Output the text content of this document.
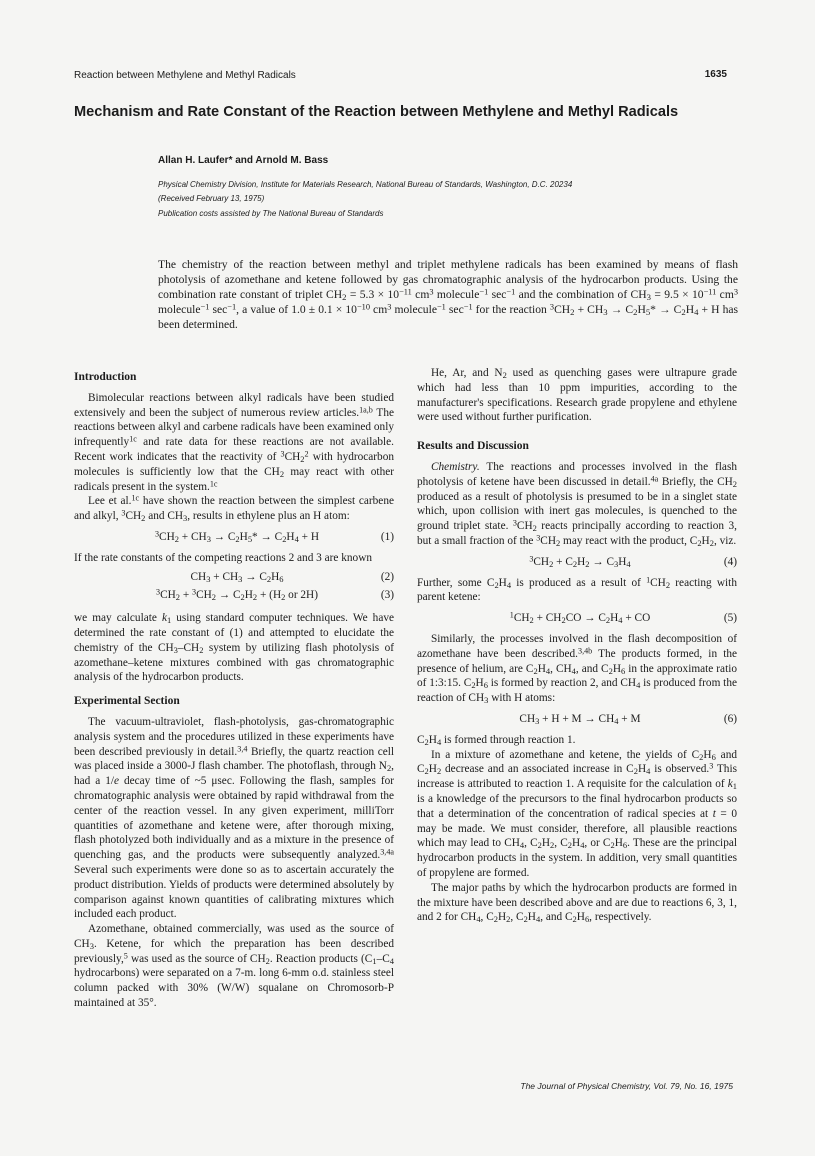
Reaction between Methylene and Methyl Radicals	1635
Mechanism and Rate Constant of the Reaction between Methylene and Methyl Radicals
Allan H. Laufer* and Arnold M. Bass
Physical Chemistry Division, Institute for Materials Research, National Bureau of Standards, Washington, D.C. 20234 (Received February 13, 1975)
Publication costs assisted by The National Bureau of Standards
The chemistry of the reaction between methyl and triplet methylene radicals has been examined by means of flash photolysis of azomethane and ketene followed by gas chromatographic analysis of the hydrocarbon products. Using the combination rate constant of triplet $CH_2 = 5.3 \times 10^{-11}$ $cm^3$ molecule$^{-1}$ $\sec^{-1}$ and the combination of $CH_3 = 9.5 \times 10^{-11}$ $cm^3$ molecule$^{-1}$ $\sec^{-1}$, a value of $1.0 \pm 0.1 \times 10^{-10}$ $cm^3$ molecule$^{-1}$ $\sec^{-1}$ for the reaction $^3CH_2 + CH_3 \to C_2H_5* \to C_2H_4 + H$ has been determined.
Introduction

Bimolecular reactions between alkyl radicals have been studied extensively and been the subject of numerous review articles.$^{1a,b}$ The reactions between alkyl and carbene radicals have been examined only infrequently$^{1c}$ and rate data for these reactions are not available. Recent work indicates that the reactivity of $^3CH_2^2$ with hydrocarbon molecules is sufficiently low that the $CH_2$ may react with other radicals present in the system.$^{1c}$

Lee et al.$^{1c}$ have shown the reaction between the simplest carbene and alkyl, $^3CH_2$ and $CH_3$, results in ethylene plus an H atom:

$^3CH_2 + CH_3 \to C_2H_5* \to C_2H_4 + H$	(1)

If the rate constants of the competing reactions 2 and 3 are known

$CH_3 + CH_3 \to C_2H_6$	(2)
$^3CH_2 + ^3CH_2 \to C_2H_2 + (H_2$ or 2H)	(3)

we may calculate $k_1$ using standard computer techniques. We have determined the rate constant of (1) and attempted to elucidate the chemistry of the $CH_3-CH_2$ system by utilizing flash photolysis of azomethane–ketene mixtures combined with gas chromatographic analysis of the hydrocarbon products.

Experimental Section

The vacuum-ultraviolet, flash-photolysis, gas-chromatographic analysis system and the procedures utilized in these experiments have been described previously in detail.$^{3,4}$ Briefly, the quartz reaction cell was placed inside a 3000-J flash chamber. The photoflash, through $N_2$, had a 1/e decay time of ~5 μsec. Following the flash, samples for chromatographic analysis were obtained by rapid withdrawal from the center of the reaction vessel. In any given experiment, milliTorr quantities of azomethane and ketene were, after thorough mixing, flash photolyzed both individually and as a mixture in the presence of quenching gas, and the products were subsequently analyzed.$^{3,4a}$ Several such experiments were done so as to ascertain accurately the product distribution. Yields of products were determined absolutely by comparison against known quantities of calibrating mixtures which included each product.

Azomethane, obtained commercially, was used as the source of $CH_3$. Ketene, for which the preparation has been described previously,$^5$ was used as the source of $CH_2$. Reaction products ($C_1-C_4$ hydrocarbons) were separated on a 7-m. long 6-mm o.d. stainless steel column packed with 30% (W/W) squalane on Chromosorb-P maintained at 35°.

He, Ar, and $N_2$ used as quenching gases were ultrapure grade which had less than 10 ppm impurities, according to the manufacturer's specifications. Research grade propylene and ethylene were used without further purification.

Results and Discussion

Chemistry. The reactions and processes involved in the flash photolysis of ketene have been discussed in detail.$^{4a}$ Briefly, the $CH_2$ produced as a result of photolysis is presumed to be in a singlet state which, upon collision with inert gas molecules, is quenched to the ground triplet state. $^3CH_2$ reacts principally according to reaction 3, but a small fraction of the $^3CH_2$ may react with the product, $C_2H_2$, viz.

$^3CH_2 + C_2H_2 \to C_3H_4$	(4)

Further, some $C_2H_4$ is produced as a result of $^1CH_2$ reacting with parent ketene:

$^1CH_2 + CH_2CO \to C_2H_4$ + CO	(5)

Similarly, the processes involved in the flash decomposition of azomethane have been described.$^{3,4b}$ The products formed, in the presence of helium, are $C_2H_4$, $CH_4$, and $C_2H_6$ in the approximate ratio of 1:3:15. $C_2H_6$ is formed by reaction 2, and $CH_4$ is produced from the reaction of $CH_3$ with H atoms:

$CH_3 + H + M \to CH_4 + M$	(6)

$C_2H_4$ is formed through reaction 1.

In a mixture of azomethane and ketene, the yields of $C_2H_6$ and $C_2H_2$ decrease and an associated increase in $C_2H_4$ is observed.$^3$ This increase is attributed to reaction 1. A requisite for the calculation of $k_1$ is a knowledge of the precursors to the final hydrocarbon products so that a determination of the concentration of radical species at t = 0 may be made. We must consider, therefore, all plausible reactions which may lead to $CH_4$, $C_2H_2$, $C_2H_4$, or $C_2H_6$. These are the principal hydrocarbon products in the system. In addition, very small quantities of propylene are formed.

The major paths by which the hydrocarbon products are formed in the mixture have been described above and are due to reactions 6, 3, 1, and 2 for $CH_4$, $C_2H_2$, $C_2H_4$, and $C_2H_6$, respectively.

The Journal of Physical Chemistry, Vol. 79, No. 16, 1975
